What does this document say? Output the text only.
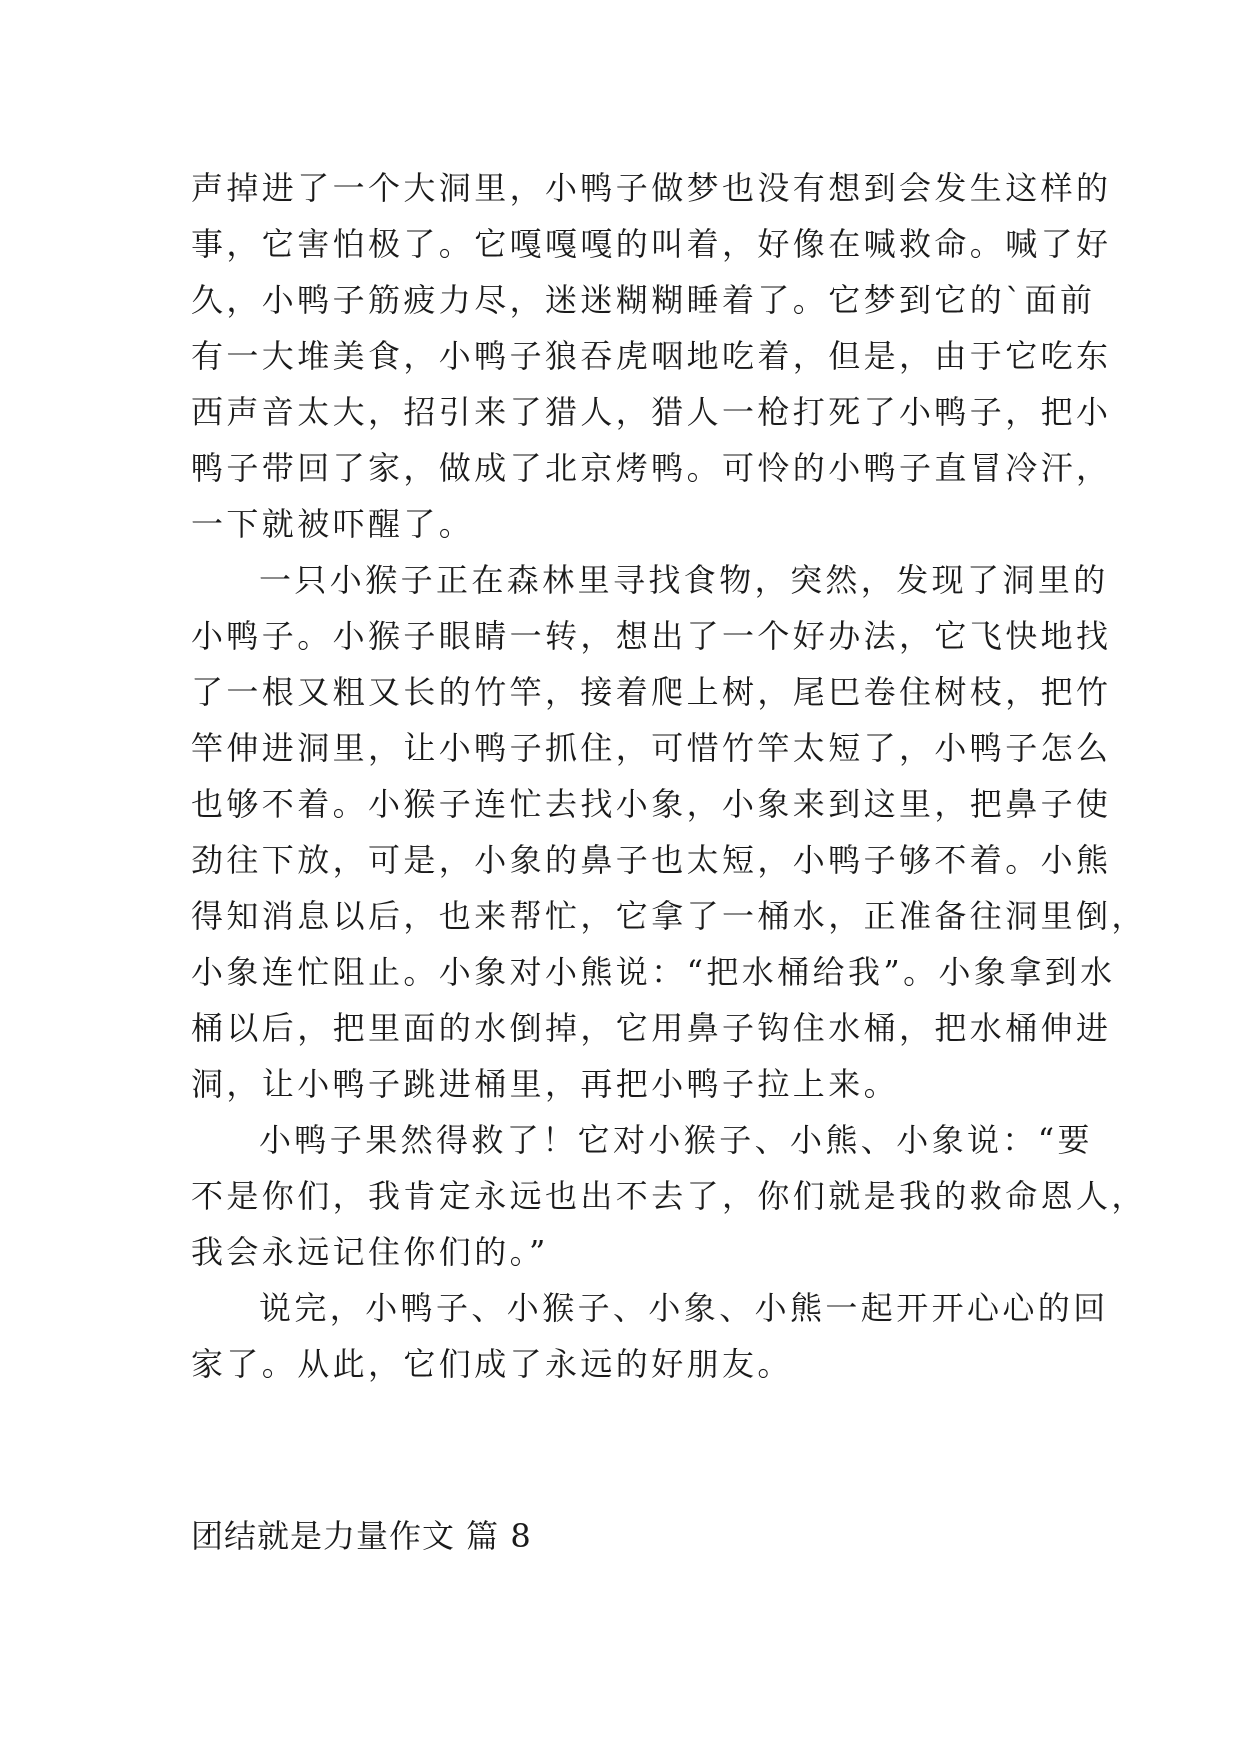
声掉进了一个大洞里，小鸭子做梦也没有想到会发生这样的
事，它害怕极了。它嘎嘎嘎的叫着，好像在喊救命。喊了好
久，小鸭子筋疲力尽，迷迷糊糊睡着了。它梦到它的`面前
有一大堆美食，小鸭子狼吞虎咽地吃着，但是，由于它吃东
西声音太大，招引来了猎人，猎人一枪打死了小鸭子，把小
鸭子带回了家，做成了北京烤鸭。可怜的小鸭子直冒冷汗，
一下就被吓醒了。
一只小猴子正在森林里寻找食物，突然，发现了洞里的
小鸭子。小猴子眼睛一转，想出了一个好办法，它飞快地找
了一根又粗又长的竹竿，接着爬上树，尾巴卷住树枝，把竹
竿伸进洞里，让小鸭子抓住，可惜竹竿太短了，小鸭子怎么
也够不着。小猴子连忙去找小象，小象来到这里，把鼻子使
劲往下放，可是，小象的鼻子也太短，小鸭子够不着。小熊
得知消息以后，也来帮忙，它拿了一桶水，正准备往洞里倒，
小象连忙阻止。小象对小熊说：“把水桶给我”。小象拿到水
桶以后，把里面的水倒掉，它用鼻子钩住水桶，把水桶伸进
洞，让小鸭子跳进桶里，再把小鸭子拉上来。
小鸭子果然得救了！它对小猴子、小熊、小象说：“要
不是你们，我肯定永远也出不去了，你们就是我的救命恩人，
我会永远记住你们的。”
说完，小鸭子、小猴子、小象、小熊一起开开心心的回
家了。从此，它们成了永远的好朋友。
团结就是力量作文 篇 8
